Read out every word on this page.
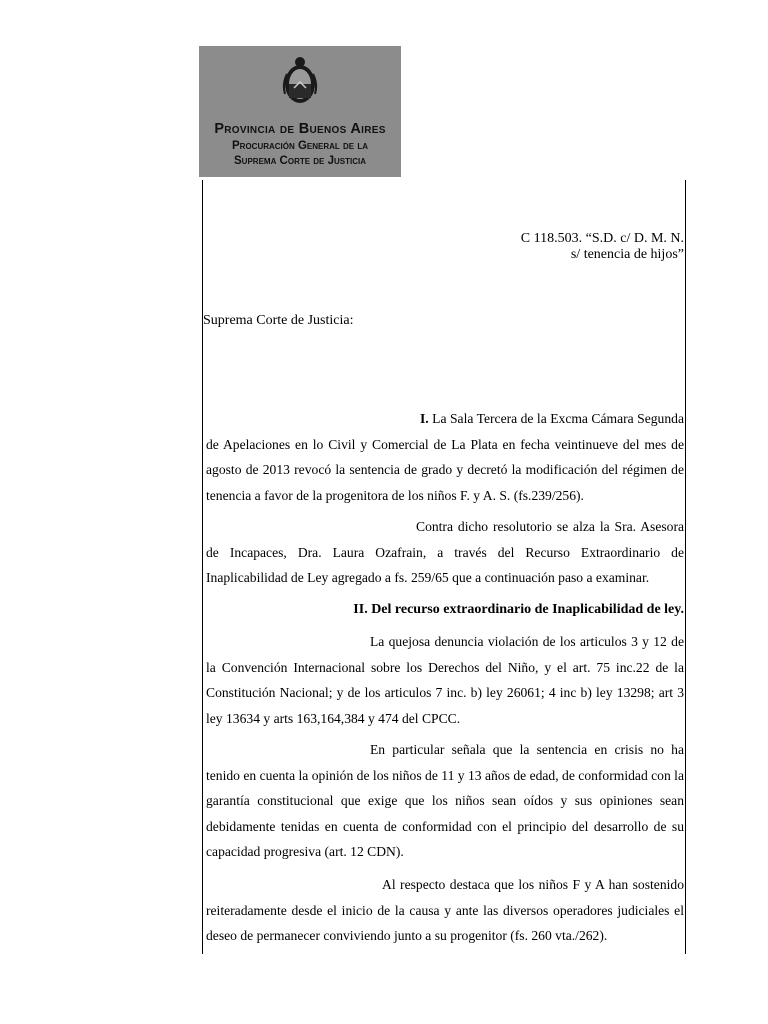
Provincia de Buenos Aires
Procuración General de la
Suprema Corte de Justicia
C 118.503. “S.D. c/ D. M. N.
s/ tenencia de hijos”
Suprema Corte de Justicia:
I. La Sala Tercera de la Excma Cámara Segunda de Apelaciones en lo Civil y Comercial de La Plata en fecha veintinueve del mes de agosto de 2013 revocó la sentencia de grado y decretó la modificación del régimen de tenencia a favor de la progenitora de los niños F. y A. S. (fs.239/256).
Contra dicho resolutorio se alza la Sra. Asesora de Incapaces, Dra. Laura Ozafrain, a través del Recurso Extraordinario de Inaplicabilidad de Ley agregado a fs. 259/65 que a continuación paso a examinar.
II. Del recurso extraordinario de Inaplicabilidad de ley.
La quejosa denuncia violación de los articulos 3 y 12 de la Convención Internacional sobre los Derechos del Niño, y el art. 75 inc.22 de la Constitución Nacional; y de los articulos 7 inc. b) ley 26061; 4 inc b) ley 13298; art 3 ley 13634 y arts 163,164,384 y 474 del CPCC.
En particular señala que la sentencia en crisis no ha tenido en cuenta la opinión de los niños de 11 y 13 años de edad, de conformidad con la garantía constitucional que exige que los niños sean oídos y sus opiniones sean debidamente tenidas en cuenta de conformidad con el principio del desarrollo de su capacidad progresiva (art. 12 CDN).
Al respecto destaca que los niños F y A han sostenido reiteradamente desde el inicio de la causa y ante las diversos operadores judiciales el deseo de permanecer conviviendo junto a su progenitor (fs. 260 vta./262).
